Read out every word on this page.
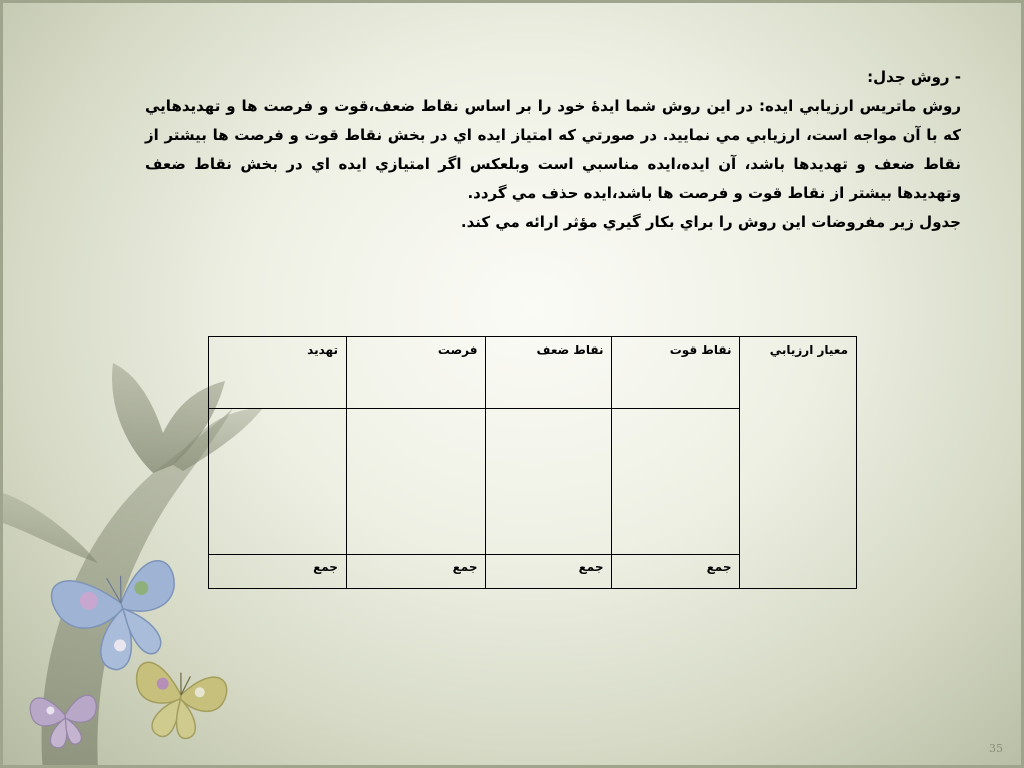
- روش جدل:

روش ماتريس ارزيابي ايده: در اين روش شما ايدهٔ خود را بر اساس نقاط ضعف،قوت و فرصت ها و تهديدهايي كه با آن مواجه است، ارزيابي مي نماييد. در صورتي كه امتياز ايده اي در بخش نقاط قوت و فرصت ها بيشتر از نقاط ضعف و تهديدها باشد، آن ايده،ايده مناسبي است وبلعكس اگر امتيازي ايده اي در بخش نقاط ضعف وتهديدها بيشتر از نقاط قوت و فرصت ها باشد،ايده حذف مي گردد.

جدول زير مفروضات اين روش را براي بكار گيري مؤثر ارائه مي كند.

معيار ارزيابي	نقاط قوت	نقاط ضعف	فرصت	تهديد

	جمع	جمع	جمع	جمع
35
